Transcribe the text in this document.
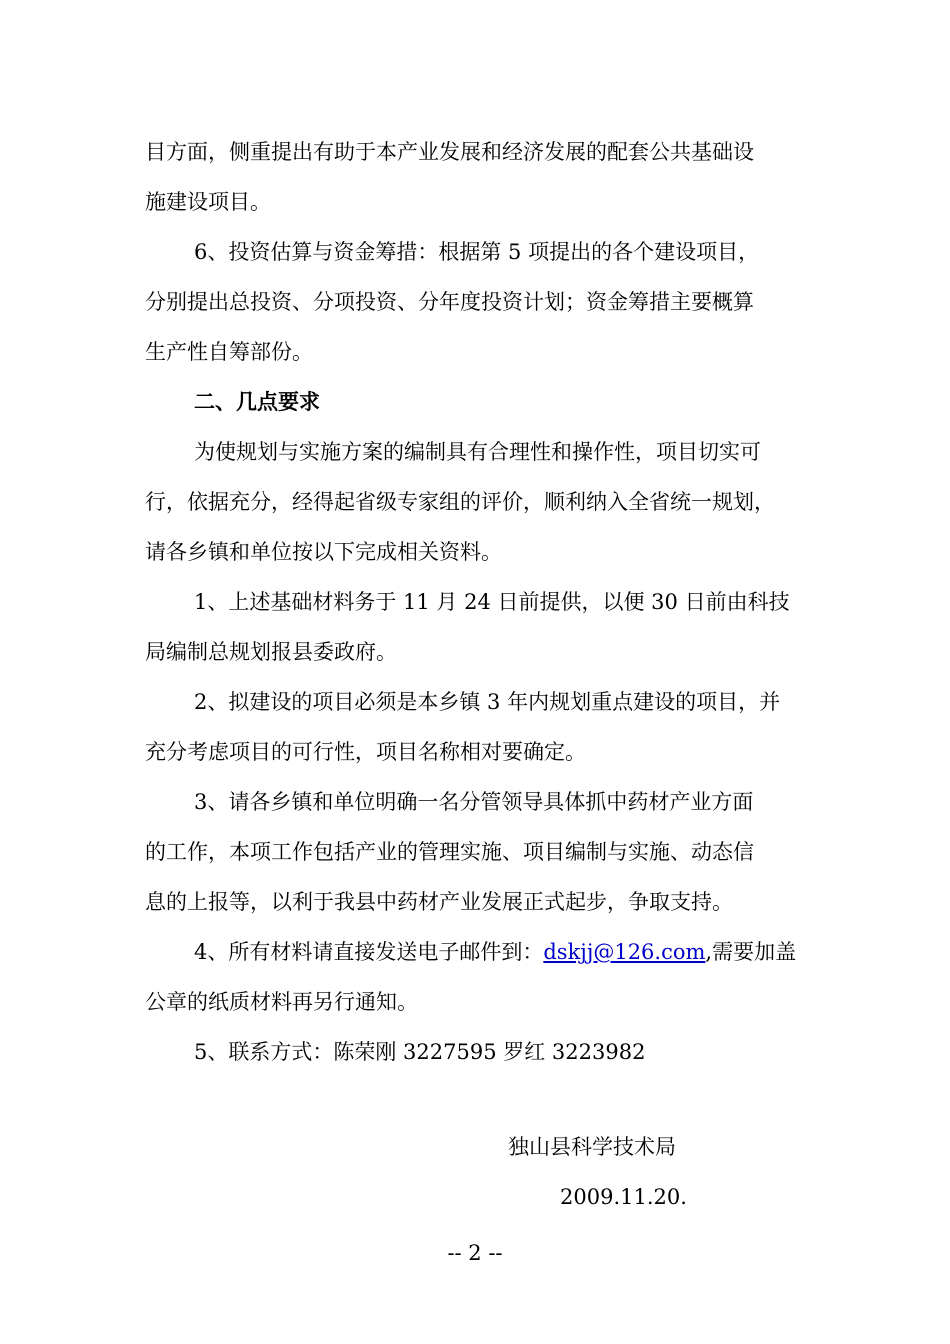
目方面，侧重提出有助于本产业发展和经济发展的配套公共基础设
施建设项目。
6、投资估算与资金筹措：根据第 5 项提出的各个建设项目，
分别提出总投资、分项投资、分年度投资计划；资金筹措主要概算
生产性自筹部份。
二、几点要求
为使规划与实施方案的编制具有合理性和操作性，项目切实可
行，依据充分，经得起省级专家组的评价，顺利纳入全省统一规划，
请各乡镇和单位按以下完成相关资料。
1、上述基础材料务于 11 月 24 日前提供，以便 30 日前由科技
局编制总规划报县委政府。
2、拟建设的项目必须是本乡镇 3 年内规划重点建设的项目，并
充分考虑项目的可行性，项目名称相对要确定。
3、请各乡镇和单位明确一名分管领导具体抓中药材产业方面
的工作，本项工作包括产业的管理实施、项目编制与实施、动态信
息的上报等，以利于我县中药材产业发展正式起步，争取支持。
4、所有材料请直接发送电子邮件到：dskjj@126.com,需要加盖
公章的纸质材料再另行通知。
5、联系方式：陈荣刚 3227595 罗红 3223982
独山县科学技术局
2009.11.20.
-- 2 --
